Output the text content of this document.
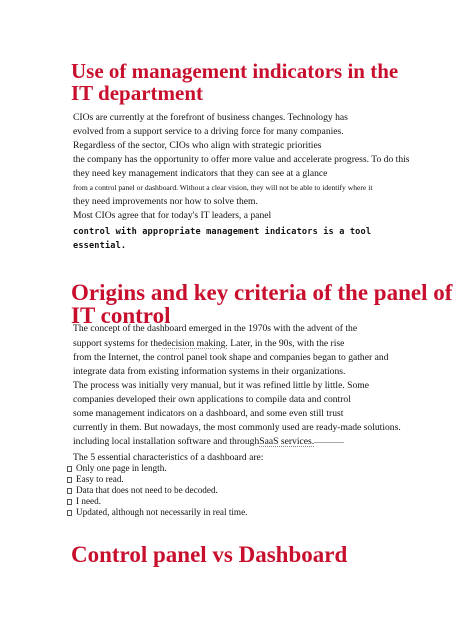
Use of management indicators in the
IT department
CIOs are currently at the forefront of business changes. Technology has
evolved from a support service to a driving force for many companies.
Regardless of the sector, CIOs who align with strategic priorities
the company has the opportunity to offer more value and accelerate progress. To do this
they need key management indicators that they can see at a glance
from a control panel or dashboard. Without a clear vision, they will not be able to identify where it
they need improvements nor how to solve them.
Most CIOs agree that for today's IT leaders, a panel
control with appropriate management indicators is a tool
essential.
Origins and key criteria of the panel of
IT control
The concept of the dashboard emerged in the 1970s with the advent of the
support systems for thedecision making. Later, in the 90s, with the rise
from the Internet, the control panel took shape and companies began to gather and
integrate data from existing information systems in their organizations.
The process was initially very manual, but it was refined little by little. Some
companies developed their own applications to compile data and control
some management indicators on a dashboard, and some even still trust
currently in them. But nowadays, the most commonly used are ready-made solutions.
including local installation software and throughSaaS services.
The 5 essential characteristics of a dashboard are:
Only one page in length.
Easy to read.
Data that does not need to be decoded.
I need.
Updated, although not necessarily in real time.
Control panel vs Dashboard
